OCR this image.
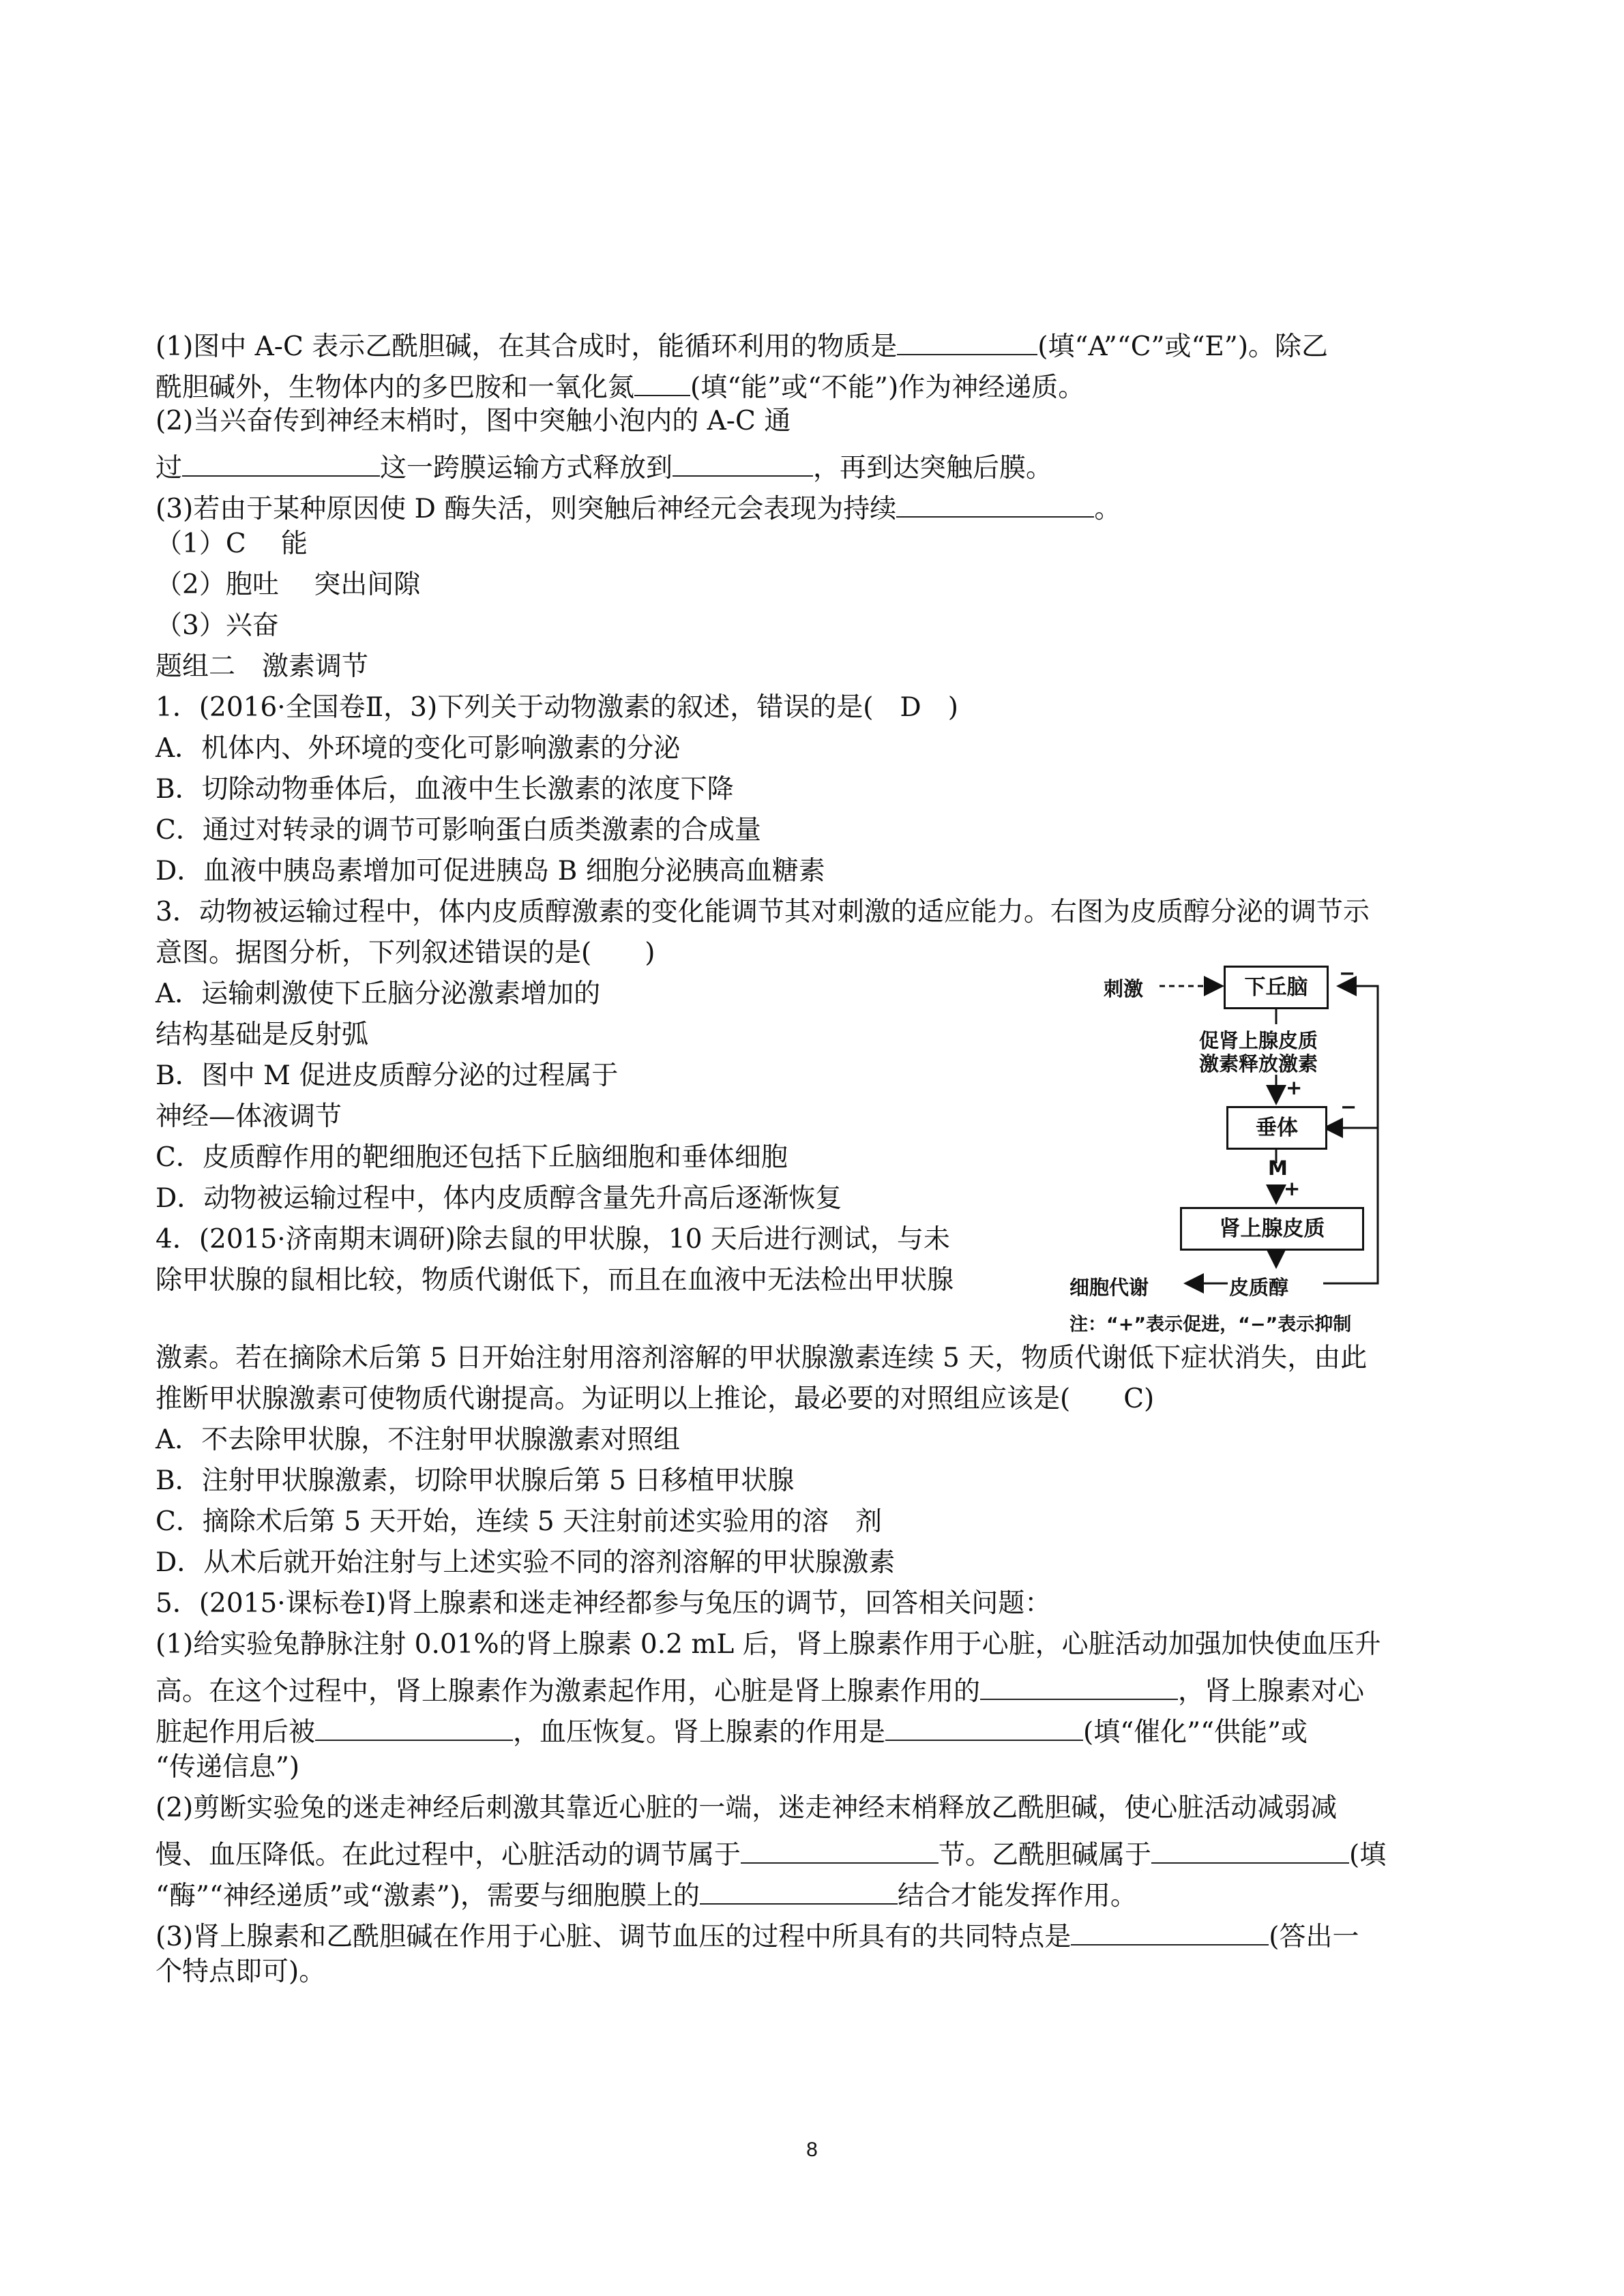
(1)图中 A-C 表示乙酰胆碱，在其合成时，能循环利用的物质是	(填“A”“C”或“E”)。除乙
酰胆碱外，生物体内的多巴胺和一氧化氮 (填“能”或“不能”)作为神经递质。
(2)当兴奋传到神经末梢时，图中突触小泡内的 A-C 通
过	这一跨膜运输方式释放到	，再到达突触后膜。
(3)若由于某种原因使 D 酶失活，则突触后神经元会表现为持续	。
（1）C　 能
（2）胞吐　 突出间隙
（3）兴奋
题组二　激素调节
1．(2016·全国卷Ⅱ，3)下列关于动物激素的叙述，错误的是(　D　)
A．机体内、外环境的变化可影响激素的分泌
B．切除动物垂体后，血液中生长激素的浓度下降
C．通过对转录的调节可影响蛋白质类激素的合成量
D．血液中胰岛素增加可促进胰岛 B 细胞分泌胰高血糖素
3．动物被运输过程中，体内皮质醇激素的变化能调节其对刺激的适应能力。右图为皮质醇分泌的调节示
意图。据图分析，下列叙述错误的是(　　)
A．运输刺激使下丘脑分泌激素增加的
结构基础是反射弧
B．图中 M 促进皮质醇分泌的过程属于
神经—体液调节
C．皮质醇作用的靶细胞还包括下丘脑细胞和垂体细胞
D．动物被运输过程中，体内皮质醇含量先升高后逐渐恢复
4．(2015·济南期末调研)除去鼠的甲状腺，10 天后进行测试，与未
除甲状腺的鼠相比较，物质代谢低下，而且在血液中无法检出甲状腺
激素。若在摘除术后第 5 日开始注射用溶剂溶解的甲状腺激素连续 5 天，物质代谢低下症状消失，由此
推断甲状腺激素可使物质代谢提高。为证明以上推论，最必要的对照组应该是(　　C)
A．不去除甲状腺，不注射甲状腺激素对照组
B．注射甲状腺激素，切除甲状腺后第 5 日移植甲状腺
C．摘除术后第 5 天开始，连续 5 天注射前述实验用的溶　剂
D．从术后就开始注射与上述实验不同的溶剂溶解的甲状腺激素
5．(2015·课标卷Ⅰ)肾上腺素和迷走神经都参与兔压的调节，回答相关问题：
(1)给实验兔静脉注射 0.01%的肾上腺素 0.2 mL 后，肾上腺素作用于心脏，心脏活动加强加快使血压升
高。在这个过程中，肾上腺素作为激素起作用，心脏是肾上腺素作用的	，肾上腺素对心
脏起作用后被	，血压恢复。肾上腺素的作用是	(填“催化”“供能”或
“传递信息”)
(2)剪断实验兔的迷走神经后刺激其靠近心脏的一端，迷走神经末梢释放乙酰胆碱，使心脏活动减弱减
慢、血压降低。在此过程中，心脏活动的调节属于	节。乙酰胆碱属于	(填
“酶”“神经递质”或“激素”)，需要与细胞膜上的	结合才能发挥作用。
(3)肾上腺素和乙酰胆碱在作用于心脏、调节血压的过程中所具有的共同特点是	(答出一
个特点即可)。
刺激	下丘脑
−
促肾上腺皮质
激素释放激素
+
垂体
−
M
+
肾上腺皮质
皮质醇
细胞代谢
注：“+”表示促进，“−”表示抑制
8
